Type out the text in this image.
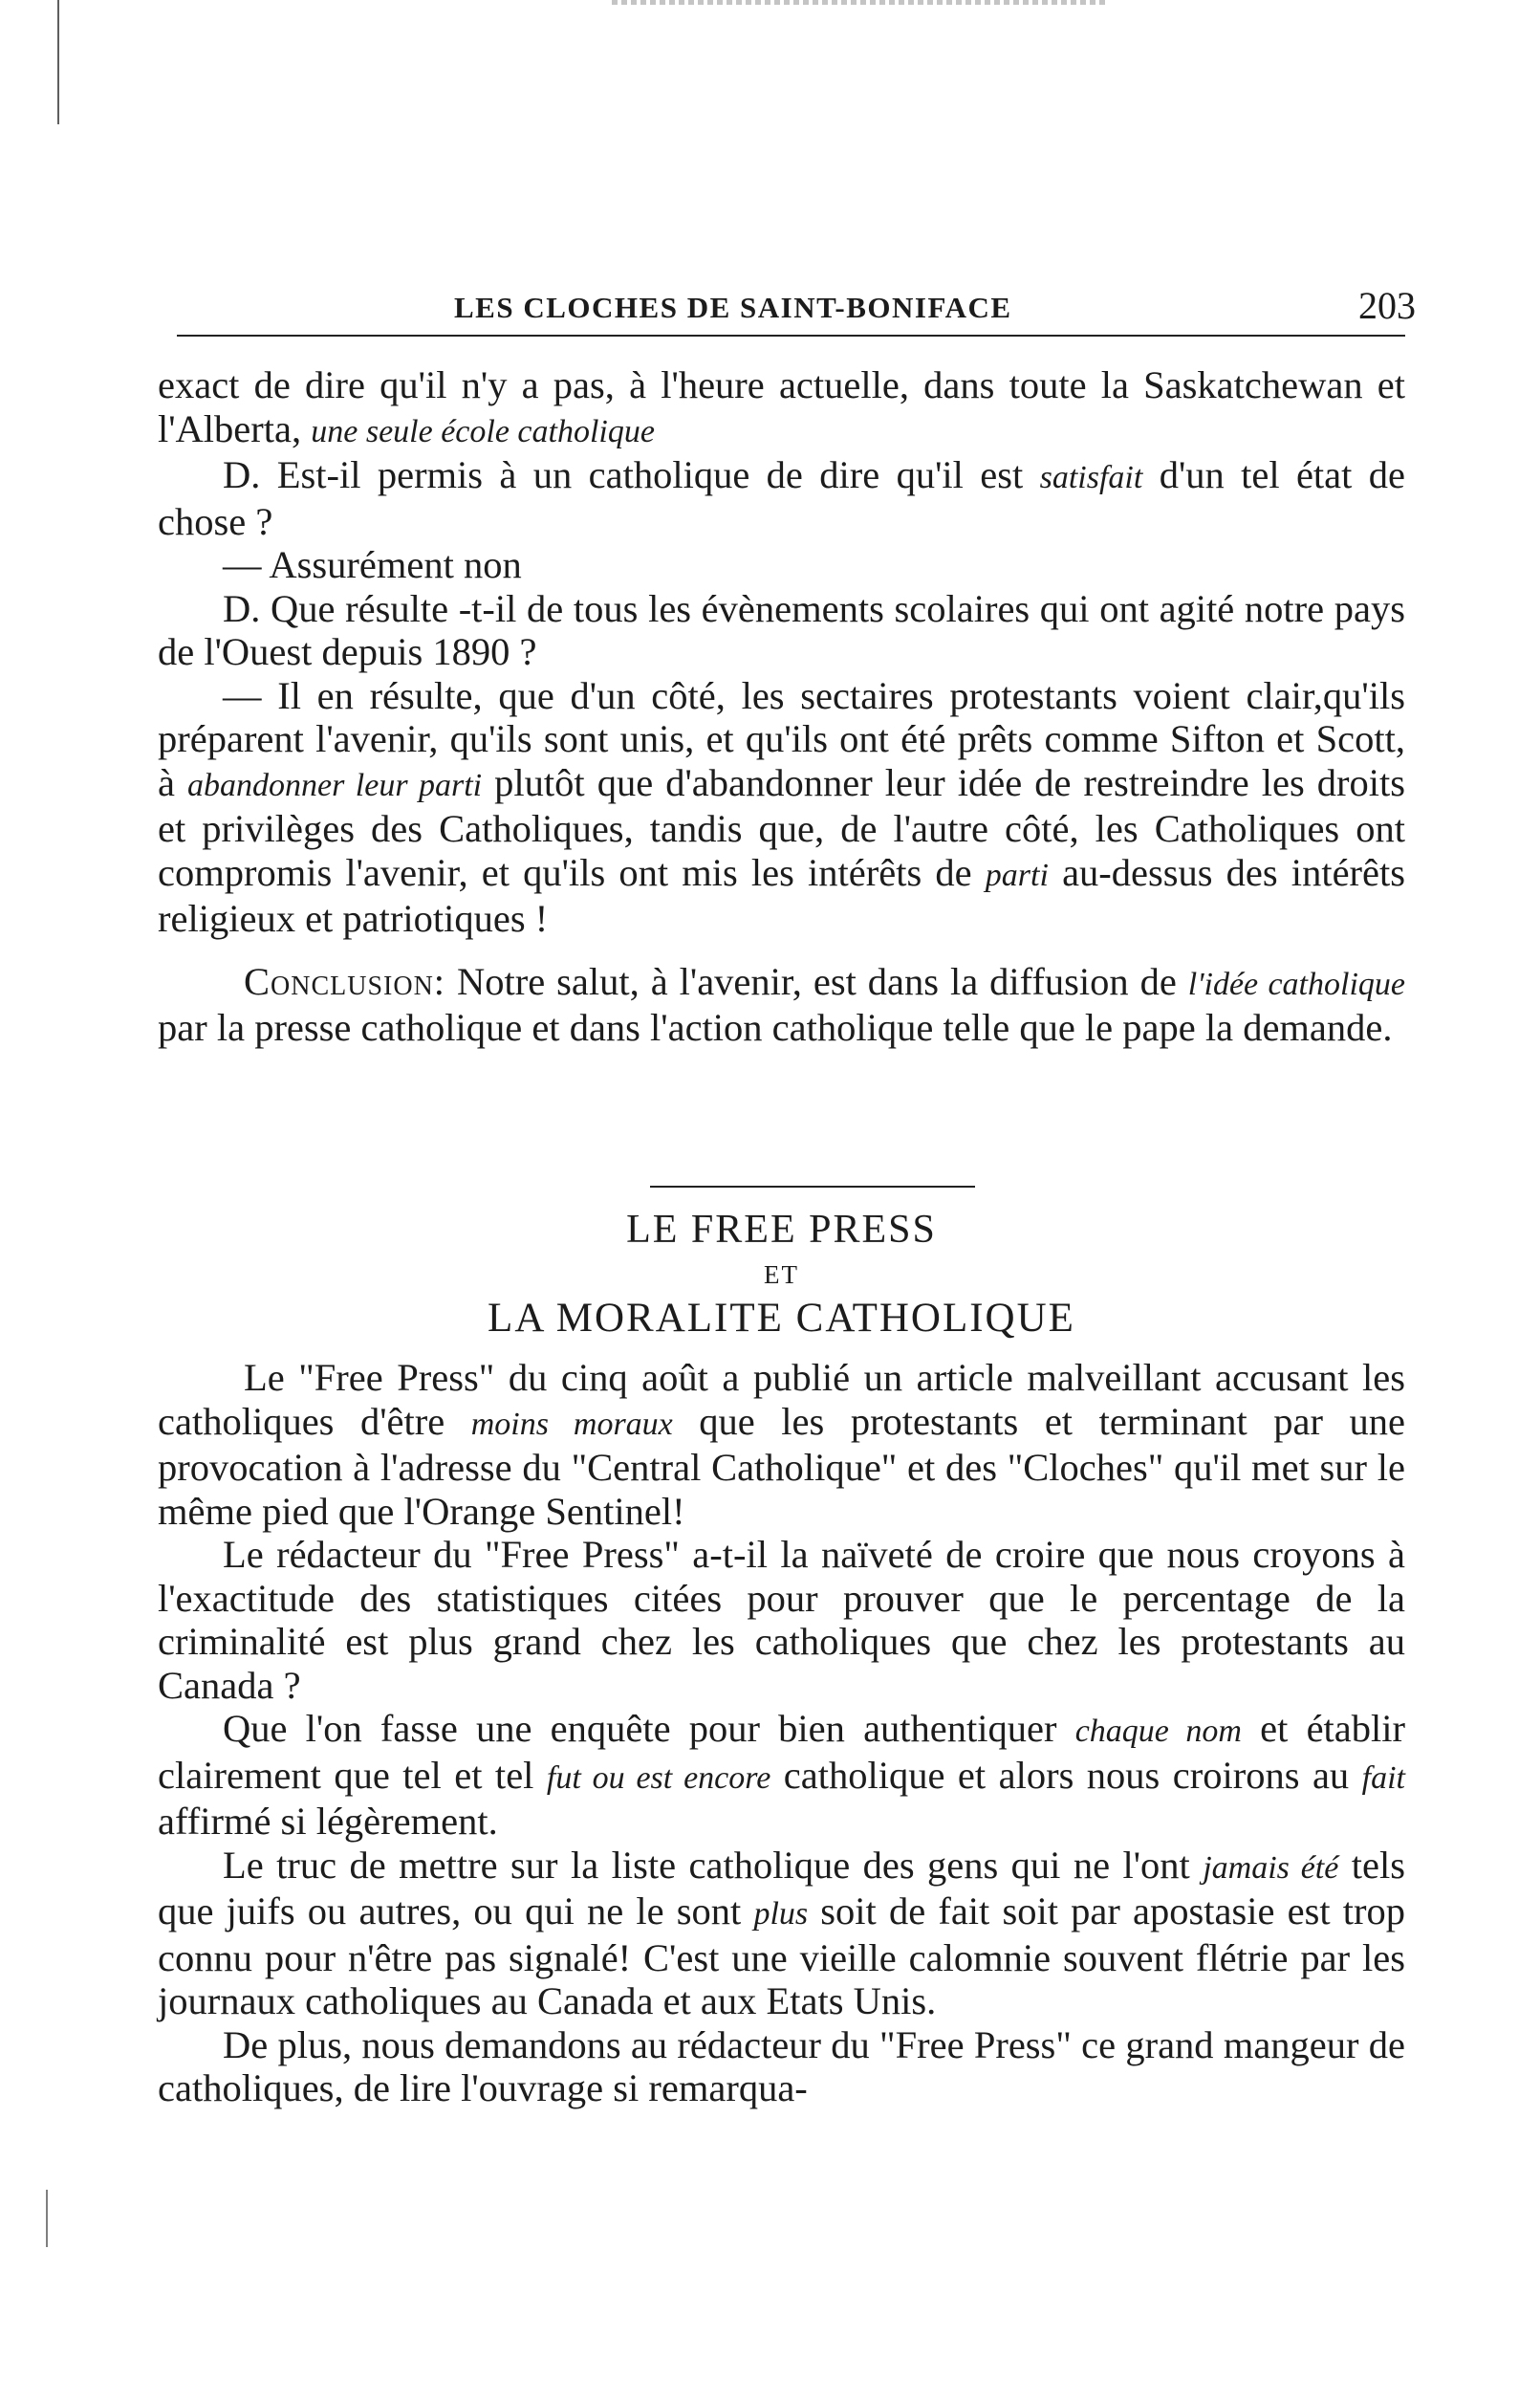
LES CLOCHES DE SAINT-BONIFACE	203

exact de dire qu'il n'y a pas, à l'heure actuelle, dans toute la Saskatchewan et l'Alberta, une seule école catholique

D. Est-il permis à un catholique de dire qu'il est satisfait d'un tel état de chose ?

— Assurément non

D. Que résulte -t-il de tous les évènements scolaires qui ont agité notre pays de l'Ouest depuis 1890 ?

— Il en résulte, que d'un côté, les sectaires protestants voient clair,qu'ils préparent l'avenir, qu'ils sont unis, et qu'ils ont été prêts comme Sifton et Scott, à abandonner leur parti plutôt que d'abandonner leur idée de restreindre les droits et privilèges des Catholiques, tandis que, de l'autre côté, les Catholiques ont compromis l'avenir, et qu'ils ont mis les intérêts de parti au-dessus des intérêts religieux et patriotiques !

Conclusion: Notre salut, à l'avenir, est dans la diffusion de l'idée catholique par la presse catholique et dans l'action catholique telle que le pape la demande.

LE FREE PRESS
ET
LA MORALITE CATHOLIQUE

Le "Free Press" du cinq août a publié un article malveillant accusant les catholiques d'être moins moraux que les protestants et terminant par une provocation à l'adresse du "Central Catholique" et des "Cloches" qu'il met sur le même pied que l'Orange Sentinel!

Le rédacteur du "Free Press" a-t-il la naïveté de croire que nous croyons à l'exactitude des statistiques citées pour prouver que le percentage de la criminalité est plus grand chez les catholiques que chez les protestants au Canada ?

Que l'on fasse une enquête pour bien authentiquer chaque nom et établir clairement que tel et tel fut ou est encore catholique et alors nous croirons au fait affirmé si légèrement.

Le truc de mettre sur la liste catholique des gens qui ne l'ont jamais été tels que juifs ou autres, ou qui ne le sont plus soit de fait soit par apostasie est trop connu pour n'être pas signalé! C'est une vieille calomnie souvent flétrie par les journaux catholiques au Canada et aux Etats Unis.

De plus, nous demandons au rédacteur du "Free Press" ce grand mangeur de catholiques, de lire l'ouvrage si remarqua-
